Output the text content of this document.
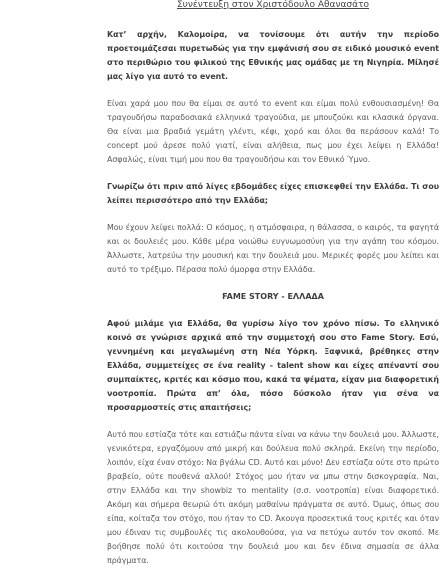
Συνέντευξη στον Χριστόδουλο Αθανασάτο

Κατ’ αρχήν, Καλομοίρα, να τονίσουμε ότι αυτήν την περίοδο προετοιμάζεσαι πυρετωδώς για την εμφάνισή σου σε ειδικό μουσικό event στο περιθώριο του φιλικού της Εθνικής μας ομάδας με τη Νιγηρία. Μίλησέ μας λίγο για αυτό το event.

Είναι χαρά μου που θα είμαι σε αυτό το event και είμαι πολύ ενθουσιασμένη! Θα τραγουδήσω παραδοσιακά ελληνικά τραγούδια, με μπουζούκι και κλασικά όργανα. Θα είναι μια βραδιά γεμάτη γλέντι, κέφι, χορό και όλοι θα περάσουν καλά! Το concept μού άρεσε πολύ γιατί, είναι αλήθεια, πως μου έχει λείψει η Ελλάδα! Ασφαλώς, είναι τιμή μου που θα τραγουδήσω και τον Εθνικό Ύμνο.

Γνωρίζω ότι πριν από λίγες εβδομάδες είχες επισκεφθεί την Ελλάδα. Τι σου λείπει περισσότερο από την Ελλάδα;

Μου έχουν λείψει πολλά: Ο κόσμος, η ατμόσφαιρα, η θάλασσα, ο καιρός, τα φαγητά και οι δουλειές μου. Κάθε μέρα νοιώθω ευγνωμοσύνη για την αγάπη του κόσμου. Άλλωστε, λατρεύω την μουσική και την δουλειά μου. Μερικές φορές μου λείπει και αυτό το τρέξιμο. Πέρασα πολύ όμορφα στην Ελλάδα.

FAME STORY - ΕΛΛΑΔΑ

Αφού μιλάμε για Ελλάδα, θα γυρίσω λίγο τον χρόνο πίσω. Το ελληνικό κοινό σε γνώρισε αρχικά από την συμμετοχή σου στο Fame Story. Εσύ, γεννημένη και μεγαλωμένη στη Νέα Υόρκη. Ξαφνικά, βρέθηκες στην Ελλάδα, συμμετείχες σε ένα reality - talent show και είχες απέναντί σου συμπαίκτες, κριτές και κόσμο που, κακά τα ψέματα, είχαν μια διαφορετική νοοτροπία. Πρώτα απ’ όλα, πόσο δύσκολο ήταν για σένα να προσαρμοστείς στις απαιτήσεις;

Αυτό που εστίαζα τότε και εστιάζω πάντα είναι να κάνω την δουλειά μου. Άλλωστε, γενικότερα, εργαζόμουν από μικρή και δούλευα πολύ σκληρά. Εκείνη την περίοδο, λοιπόν, είχα έναν στόχο: Να βγάλω CD. Αυτό και μόνο! Δεν εστίαζα ούτε στο πρώτο βραβείο, ούτε πουθενά αλλού! Στόχος μου ήταν να μπω στην δισκογραφία. Ναι, στην Ελλάδα και την showbiz το mentality (σ.σ. νοοτροπία) είναι διαφορετικό. Ακόμη και σήμερα θεωρώ ότι ακόμη μαθαίνω πράγματα σε αυτό. Όμως, όπως σου είπα, κοίταζα τον στόχο, που ήταν το CD. Άκουγα προσεκτικά τους κριτές και όταν μου έδιναν τις συμβουλές τις ακολουθούσα, για να πετύχω αυτόν τον σκοπό. Με βοήθησε πολύ ότι κοιτούσα την δουλειά μου και δεν έδινα σημασία σε άλλα πράγματα.
